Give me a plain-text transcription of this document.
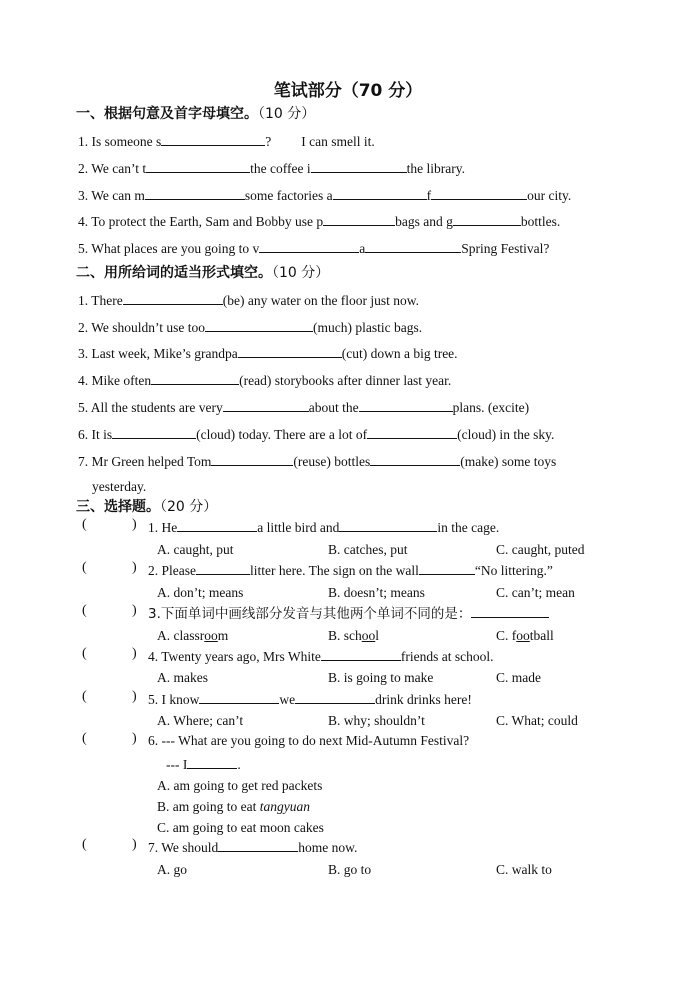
笔试部分（70 分）
一、根据句意及首字母填空。（10 分）
1. Is someone s	? I can smell it.
2. We can’t t	the coffee i	the library.
3. We can m	some factories a	f	our city.
4. To protect the Earth, Sam and Bobby use p	bags and g	bottles.
5. What places are you going to v	a	Spring Festival?
二、用所给词的适当形式填空。（10 分）
1. There	(be) any water on the floor just now.
2. We shouldn’t use too	(much) plastic bags.
3. Last week, Mike’s grandpa	(cut) down a big tree.
4. Mike often	(read) storybooks after dinner last year.
5. All the students are very	about the	plans. (excite)
6. It is	(cloud) today. There are a lot of	(cloud) in the sky.
7. Mr Green helped Tom	(reuse) bottles	(make) some toys
yesterday.
三、选择题。（20 分）
(	) 1. He	a little bird and	in the cage.
A. caught, put	B. catches, put	C. caught, puted
(	) 2. Please	litter here. The sign on the wall	“No littering.”
A. don’t; means	B. doesn’t; means	C. can’t; mean
(	) 3.下面单词中画线部分发音与其他两个单词不同的是：
A. classroom	B. school	C. football
(	) 4. Twenty years ago, Mrs White	friends at school.
A. makes	B. is going to make	C. made
(	) 5. I know	we	drink drinks here!
A. Where; can’t	B. why; shouldn’t	C. What; could
(	) 6. --- What are you going to do next Mid-Autumn Festival?
--- I	.
A. am going to get red packets
B. am going to eat tangyuan
C. am going to eat moon cakes
(	) 7. We should	home now.
A. go	B. go to	C. walk to
